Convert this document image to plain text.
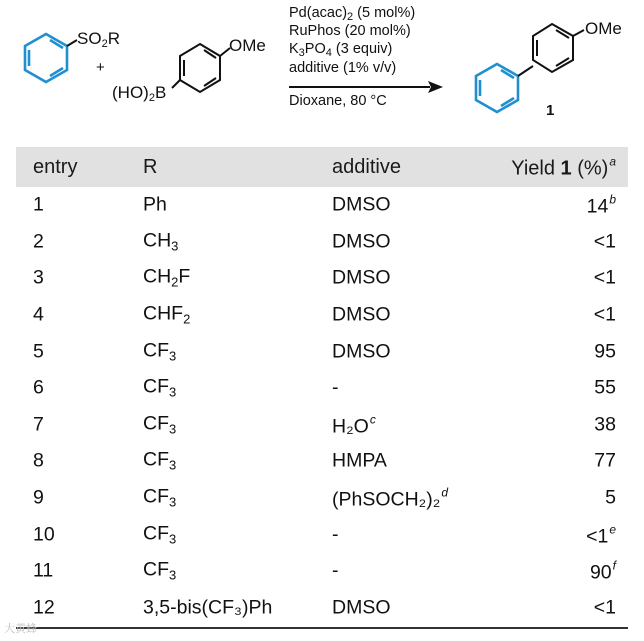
$SO_2R$
+
OMe
$(HO)_2B$
$Pd(acac)_2$ (5 mol%)
RuPhos (20 mol%)
$K_3PO_4$ (3 equiv)
additive (1% v/v)
Dioxane, 80 °C
OMe
1
entry	R	additive	Yield 1 (%)$^a$
1	Ph	DMSO	14$^b$
2	$CH_3$	DMSO	<1
3	$CH_2F$	DMSO	<1
4	$CHF_2$	DMSO	<1
5	$CF_3$	DMSO	95
6	$CF_3$	-	55
7	$CF_3$	H₂O$^c$	38
8	$CF_3$	HMPA	77
9	$CF_3$	(PhSOCH₂)₂$^d$	5
10	$CF_3$	-	<1$^e$
11	$CF_3$	-	90$^f$
12	3,5-bis(CF₃)Ph	DMSO	<1
大黄蜂
